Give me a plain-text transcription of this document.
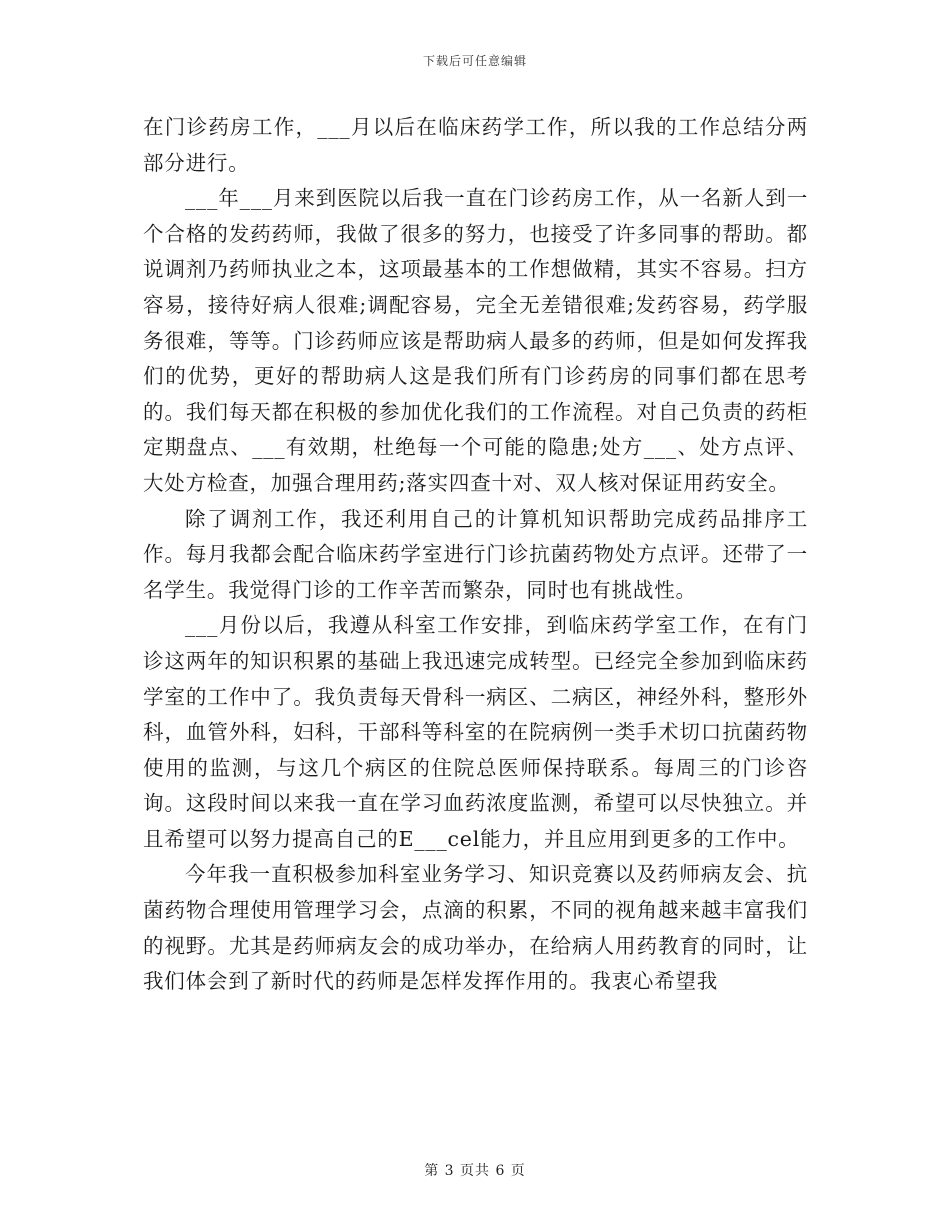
下载后可任意编辑

在门诊药房工作，___月以后在临床药学工作，所以我的工作总结分两部分进行。

___年___月来到医院以后我一直在门诊药房工作，从一名新人到一个合格的发药药师，我做了很多的努力，也接受了许多同事的帮助。都说调剂乃药师执业之本，这项最基本的工作想做精，其实不容易。扫方容易，接待好病人很难;调配容易，完全无差错很难;发药容易，药学服务很难，等等。门诊药师应该是帮助病人最多的药师，但是如何发挥我们的优势，更好的帮助病人这是我们所有门诊药房的同事们都在思考的。我们每天都在积极的参加优化我们的工作流程。对自己负责的药柜定期盘点、___有效期，杜绝每一个可能的隐患;处方___、处方点评、大处方检查，加强合理用药;落实四查十对、双人核对保证用药安全。

除了调剂工作，我还利用自己的计算机知识帮助完成药品排序工作。每月我都会配合临床药学室进行门诊抗菌药物处方点评。还带了一名学生。我觉得门诊的工作辛苦而繁杂，同时也有挑战性。

___月份以后，我遵从科室工作安排，到临床药学室工作，在有门诊这两年的知识积累的基础上我迅速完成转型。已经完全参加到临床药学室的工作中了。我负责每天骨科一病区、二病区，神经外科，整形外科，血管外科，妇科，干部科等科室的在院病例一类手术切口抗菌药物使用的监测，与这几个病区的住院总医师保持联系。每周三的门诊咨询。这段时间以来我一直在学习血药浓度监测，希望可以尽快独立。并且希望可以努力提高自己的E___cel能力，并且应用到更多的工作中。

今年我一直积极参加科室业务学习、知识竞赛以及药师病友会、抗菌药物合理使用管理学习会，点滴的积累，不同的视角越来越丰富我们的视野。尤其是药师病友会的成功举办，在给病人用药教育的同时，让我们体会到了新时代的药师是怎样发挥作用的。我衷心希望我

第 3 页共 6 页
